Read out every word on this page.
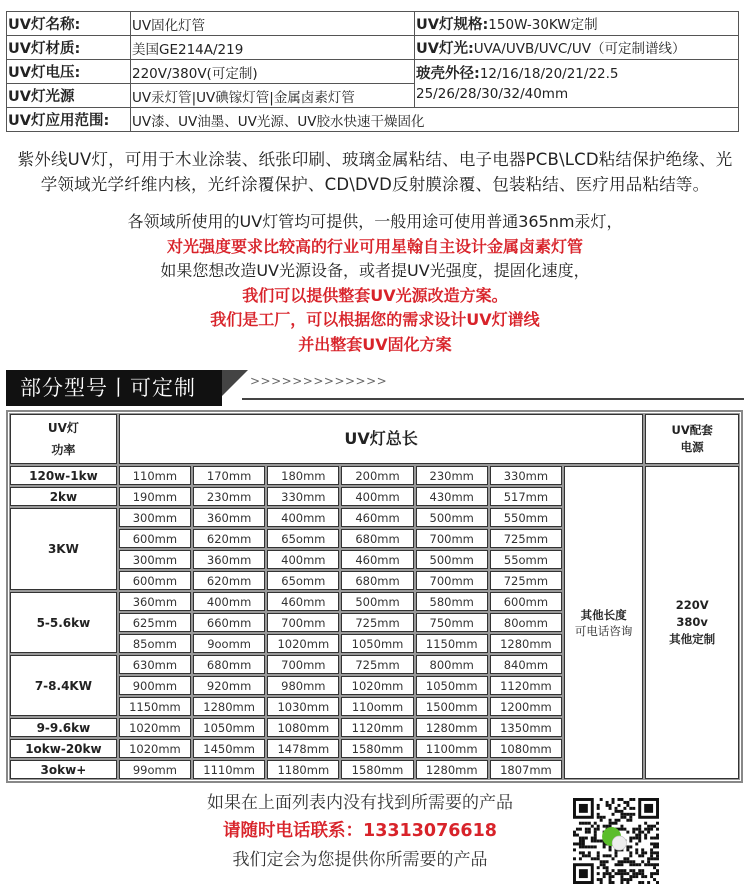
UV灯名称:	UV固化灯管	UV灯规格:150W-30KW定制
UV灯材质:	美国GE214A/219	UV灯光:UVA/UVB/UVC/UV（可定制谱线）
UV灯电压:	220V/380V(可定制)	玻壳外径:12/16/18/20/21/22.5
25/26/28/30/32/40mm
UV灯光源	UV汞灯管|UV碘镓灯管|金属卤素灯管	
UV灯应用范围:	UV漆、UV油墨、UV光源、UV胶水快速干燥固化	
紫外线UV灯，可用于木业涂装、纸张印刷、玻璃金属粘结、电子电器PCB\LCD粘结保护绝缘、光
学领域光学纤维内核，光纤涂覆保护、CD\DVD反射膜涂覆、包装粘结、医疗用品粘结等。
各领域所使用的UV灯管均可提供，一般用途可使用普通365nm汞灯，
对光强度要求比较高的行业可用星翰自主设计金属卤素灯管
如果您想改造UV光源设备，或者提UV光强度，提固化速度，
我们可以提供整套UV光源改造方案。
我们是工厂，可以根据您的需求设计UV灯谱线
并出整套UV固化方案
部分型号丨可定制	>>>>>>>>>>>>>
UV灯
功率	UV灯总长							UV配套
电源
120w-1kw	110mm	170mm	180mm	200mm	230mm	330mm	其他长度
可电话咨询	220V
380v
其他定制
2kw	190mm	230mm	330mm	400mm	430mm	517mm		
3KW	300mm	360mm	400mm	460mm	500mm	550mm		
	600mm	620mm	65omm	680mm	700mm	725mm		
	300mm	360mm	400mm	460mm	500mm	55omm		
	600mm	620mm	65omm	680mm	700mm	725mm		
5-5.6kw	360mm	400mm	460mm	500mm	580mm	600mm		
	625mm	660mm	700mm	725mm	750mm	80omm		
	85omm	9oomm	1020mm	1050mm	1150mm	1280mm		
7-8.4KW	630mm	680mm	700mm	725mm	800mm	840mm		
	900mm	920mm	980mm	1020mm	1050mm	1120mm		
	1150mm	1280mm	1030mm	110omm	1500mm	1200mm		
9-9.6kw	1020mm	1050mm	1080mm	1120mm	1280mm	1350mm		
1okw-20kw	1020mm	1450mm	1478mm	1580mm	1100mm	1080mm		
3okw+	99omm	1110mm	1180mm	1580mm	1280mm	1807mm		
如果在上面列表内没有找到所需要的产品
请随时电话联系：13313076618
我们定会为您提供你所需要的产品
